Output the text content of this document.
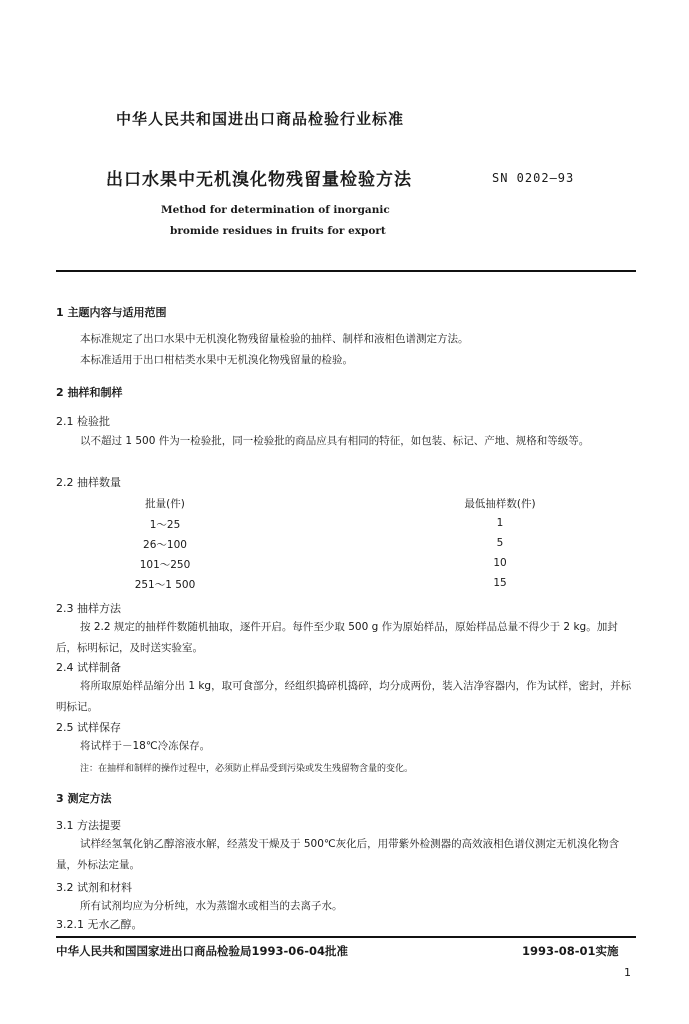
中华人民共和国进出口商品检验行业标准
出口水果中无机溴化物残留量检验方法	SN 0202—93
Method for determination of inorganic
bromide residues in fruits for export
1 主题内容与适用范围
本标准规定了出口水果中无机溴化物残留量检验的抽样、制样和液相色谱测定方法。
本标准适用于出口柑桔类水果中无机溴化物残留量的检验。
2 抽样和制样
2.1 检验批
以不超过 1 500 件为一检验批，同一检验批的商品应具有相同的特征，如包装、标记、产地、规格和等级等。
2.2 抽样数量
批量(件)	最低抽样数(件)
1～25	1
26～100	5
101～250	10
251～1 500	15
2.3 抽样方法
按 2.2 规定的抽样件数随机抽取，逐件开启。每件至少取 500 g 作为原始样品，原始样品总量不得少于 2 kg。加封后，标明标记，及时送实验室。
2.4 试样制备
将所取原始样品缩分出 1 kg，取可食部分，经组织捣碎机捣碎，均分成两份，装入洁净容器内，作为试样，密封，并标明标记。
2.5 试样保存
将试样于－18℃冷冻保存。
注：在抽样和制样的操作过程中，必须防止样品受到污染或发生残留物含量的变化。
3 测定方法
3.1 方法提要
试样经氢氧化钠乙醇溶液水解，经蒸发干燥及于 500℃灰化后，用带紫外检测器的高效液相色谱仪测定无机溴化物含量，外标法定量。
3.2 试剂和材料
所有试剂均应为分析纯，水为蒸馏水或相当的去离子水。
3.2.1 无水乙醇。
中华人民共和国国家进出口商品检验局1993-06-04批准	1993-08-01实施
1
